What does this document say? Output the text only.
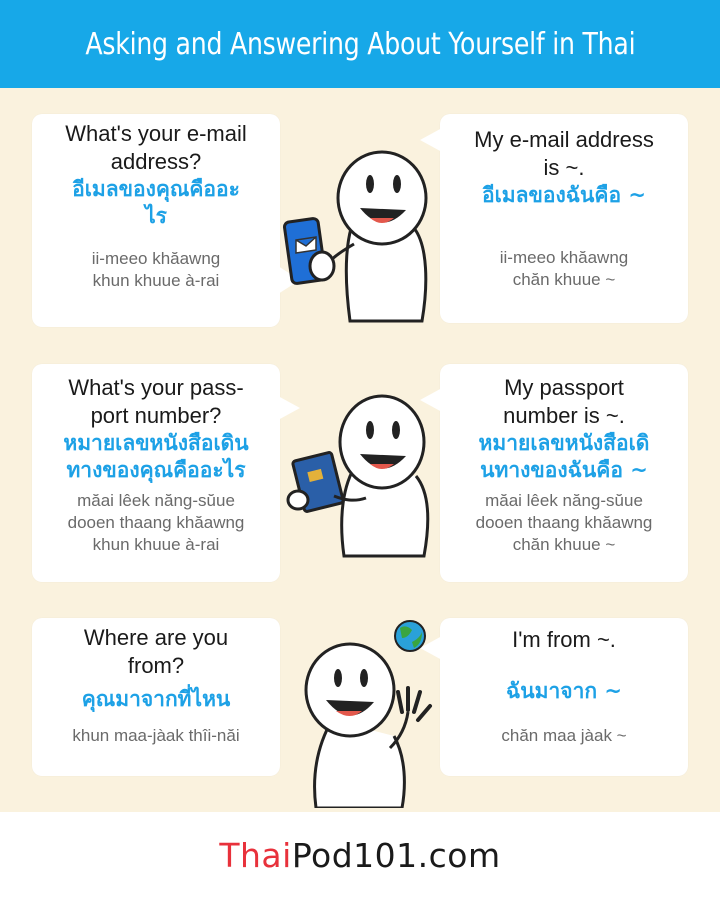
Asking and Answering About Yourself in Thai
What's your e-mail
address?
อีเมลของคุณคืออะ
ไร
ii-meeo khăawng
khun khuue à-rai
My e-mail address
is ~.
อีเมลของฉันคือ ~
ii-meeo khăawng
chăn khuue ~
What's your pass-
port number?
หมายเลขหนังสือเดิน
ทางของคุณคืออะไร
măai lêek năng-sŭue
dooen thaang khăawng
khun khuue à-rai
My passport
number is ~.
หมายเลขหนังสือเดิ
นทางของฉันคือ ~
măai lêek năng-sŭue
dooen thaang khăawng
chăn khuue ~
Where are you
from?
คุณมาจากที่ไหน
khun maa-jàak thîi-năi
I'm from ~.
ฉันมาจาก ~
chăn maa jàak ~
ThaiPod101.com
